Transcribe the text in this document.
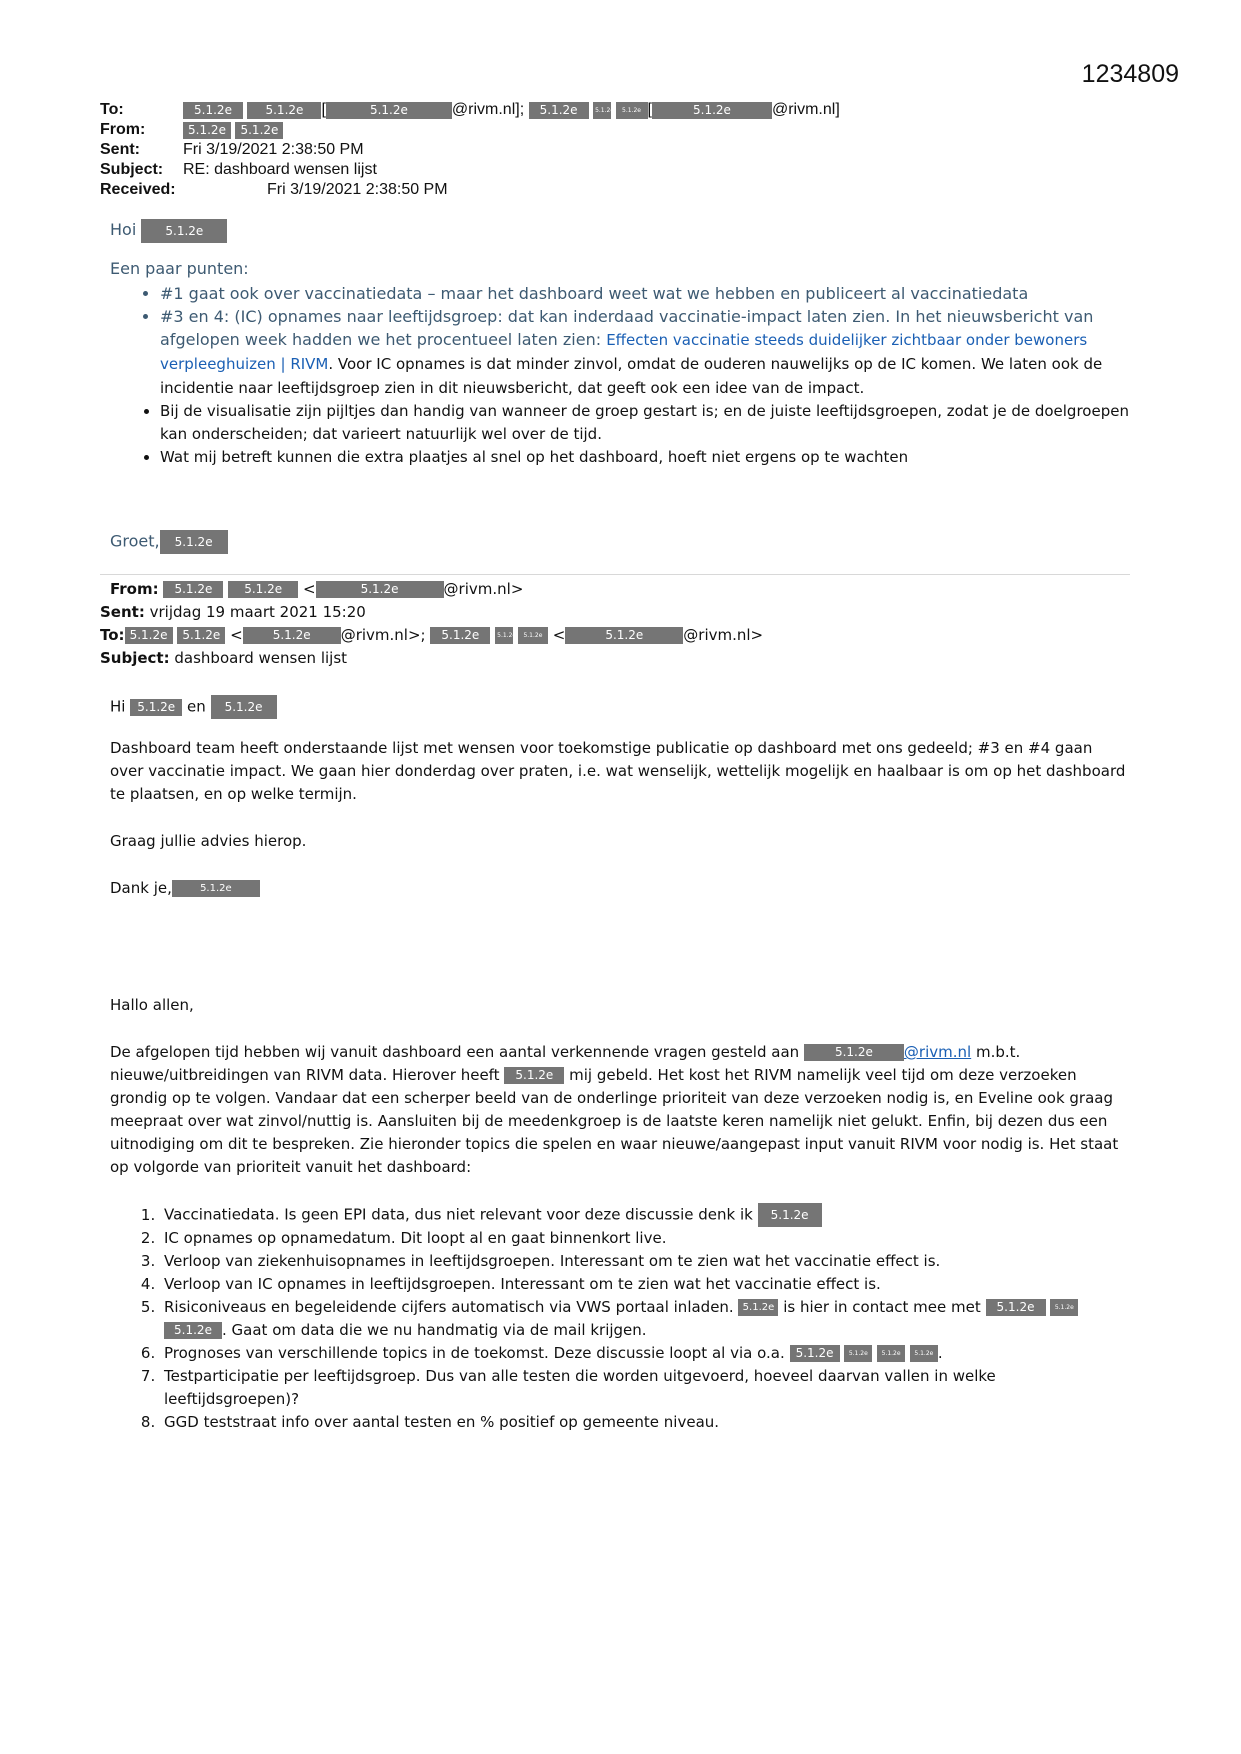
1234809
To:	5.1.2e
	5.1.2e	[	5.1.2e	@rivm.nl ];
	5.1.2e
	5.1.2e
	5.1.2e [	5.1.2e	@rivm.nl ]
From:	5.1.2e
	5.1.2e
Sent:	Fri 3/19/2021 2:38:50 PM
Subject:	RE: dashboard wensen lijst
Received:	Fri 3/19/2021 2:38:50 PM
Hoi 5.1.2e
Een paar punten:
• #1 gaat ook over vaccinatiedata – maar het dashboard weet wat we hebben en publiceert al vaccinatiedata
• #3 en 4: (IC) opnames naar leeftijdsgroep: dat kan inderdaad vaccinatie-impact laten zien. In het nieuwsbericht van afgelopen week hadden we het procentueel laten zien: Effecten vaccinatie steeds duidelijker zichtbaar onder bewoners verpleeghuizen | RIVM. Voor IC opnames is dat minder zinvol, omdat de ouderen nauwelijks op de IC komen. We laten ook de incidentie naar leeftijdsgroep zien in dit nieuwsbericht, dat geeft ook een idee van de impact.
• Bij de visualisatie zijn pijltjes dan handig van wanneer de groep gestart is; en de juiste leeftijdsgroepen, zodat je de doelgroepen kan onderscheiden; dat varieert natuurlijk wel over de tijd.
• Wat mij betreft kunnen die extra plaatjes al snel op het dashboard, hoeft niet ergens op te wachten
Groet, 5.1.2e
From: 5.1.2e	5.1.2e <	5.1.2e	@rivm.nl>
Sent: vrijdag 19 maart 2021 15:20
To: 5.1.2e 5.1.2e <	5.1.2e @rivm.nl>; 5.1.2e	5.1.2e 5.1.2e <	5.1.2e	@rivm.nl>
Subject: dashboard wensen lijst

Hi 5.1.2e en 5.1.2e

Dashboard team heeft onderstaande lijst met wensen voor toekomstige publicatie op dashboard met ons gedeeld; #3 en #4 gaan over vaccinatie impact. We gaan hier donderdag over praten, i.e. wat wenselijk, wettelijk mogelijk en haalbaar is om op het dashboard te plaatsen, en op welke termijn.

Graag jullie advies hierop.

Dank je,	5.1.2e

Hallo allen,

De afgelopen tijd hebben wij vanuit dashboard een aantal verkennende vragen gesteld aan	5.1.2e @rivm.nl m.b.t. nieuwe/uitbreidingen van RIVM data. Hierover heeft 5.1.2e mij gebeld. Het kost het RIVM namelijk veel tijd om deze verzoeken grondig op te volgen. Vandaar dat een scherper beeld van de onderlinge prioriteit van deze verzoeken nodig is, en Eveline ook graag meepraat over wat zinvol/nuttig is. Aansluiten bij de meedenkgroep is de laatste keren namelijk niet gelukt. Enfin, bij dezen dus een uitnodiging om dit te bespreken. Zie hieronder topics die spelen en waar nieuwe/aangepast input vanuit RIVM voor nodig is. Het staat op volgorde van prioriteit vanuit het dashboard:

1. Vaccinatiedata. Is geen EPI data, dus niet relevant voor deze discussie denk ik 5.1.2e
2. IC opnames op opnamedatum. Dit loopt al en gaat binnenkort live.
3. Verloop van ziekenhuisopnames in leeftijdsgroepen. Interessant om te zien wat het vaccinatie effect is.
4. Verloop van IC opnames in leeftijdsgroepen. Interessant om te zien wat het vaccinatie effect is.
5. Risiconiveaus en begeleidende cijfers automatisch via VWS portaal inladen. 5.1.2e is hier in contact mee met 5.1.2e	5.1.2e 5.1.2e . Gaat om data die we nu handmatig via de mail krijgen.
6. Prognoses van verschillende topics in de toekomst. Deze discussie loopt al via o.a. 5.1.2e	5.1.2e 5.1.2e 5.1.2e .
7. Testparticipatie per leeftijdsgroep. Dus van alle testen die worden uitgevoerd, hoeveel daarvan vallen in welke leeftijdsgroepen)?
8. GGD teststraat info over aantal testen en % positief op gemeente niveau.
